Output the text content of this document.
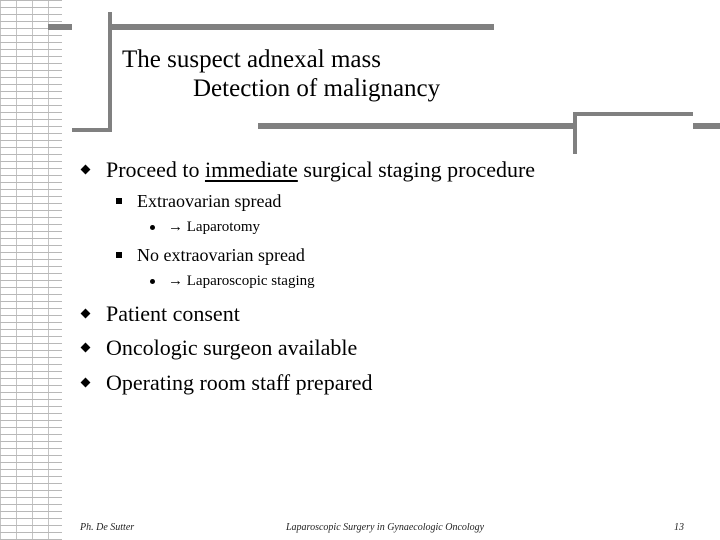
The suspect adnexal mass
Detection of malignancy
Proceed to immediate surgical staging procedure
Extraovarian spread
→ Laparotomy
No extraovarian spread
→ Laparoscopic staging
Patient consent
Oncologic surgeon available
Operating room staff prepared
Ph. De Sutter	Laparoscopic Surgery in Gynaecologic Oncology	13
